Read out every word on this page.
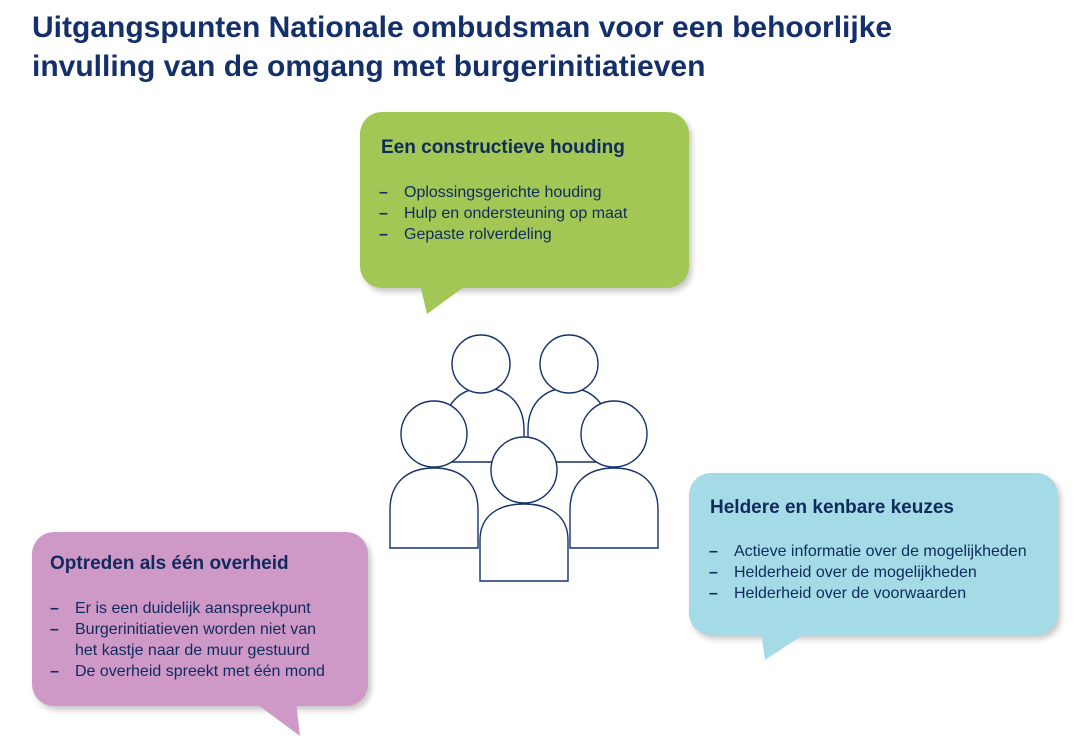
Uitgangspunten Nationale ombudsman voor een behoorlijke
invulling van de omgang met burgerinitiatieven
Een constructieve houding
– Oplossingsgerichte houding
– Hulp en ondersteuning op maat
– Gepaste rolverdeling
Heldere en kenbare keuzes
– Actieve informatie over de mogelijkheden
– Helderheid over de mogelijkheden
– Helderheid over de voorwaarden
Optreden als één overheid
– Er is een duidelijk aanspreekpunt
– Burgerinitiatieven worden niet van
het kastje naar de muur gestuurd
– De overheid spreekt met één mond
